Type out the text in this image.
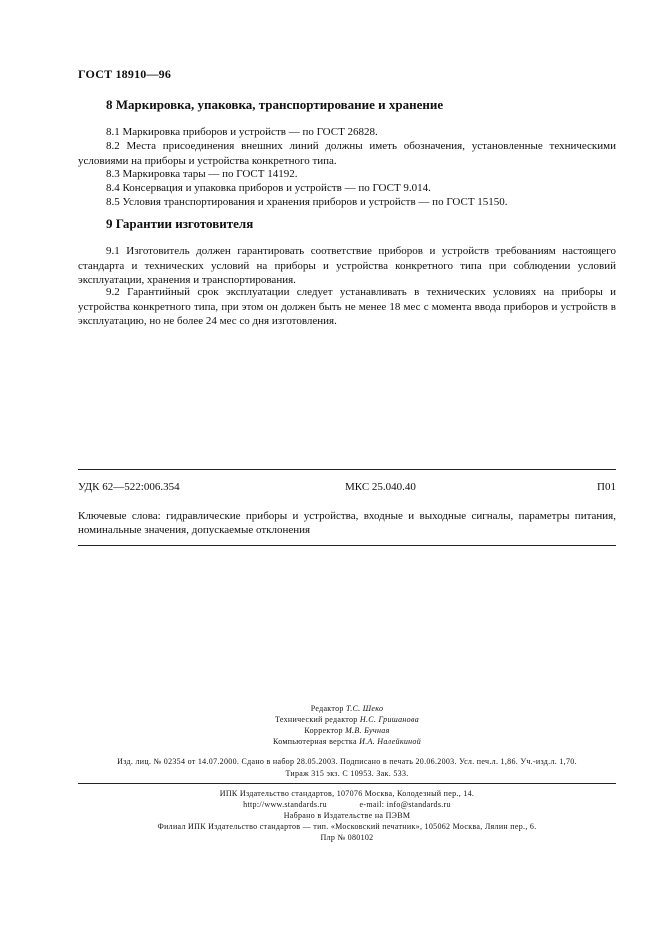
ГОСТ 18910—96
8 Маркировка, упаковка, транспортирование и хранение
8.1 Маркировка приборов и устройств — по ГОСТ 26828.
8.2 Места присоединения внешних линий должны иметь обозначения, установленные техническими условиями на приборы и устройства конкретного типа.
8.3 Маркировка тары — по ГОСТ 14192.
8.4 Консервация и упаковка приборов и устройств — по ГОСТ 9.014.
8.5 Условия транспортирования и хранения приборов и устройств — по ГОСТ 15150.
9 Гарантии изготовителя
9.1 Изготовитель должен гарантировать соответствие приборов и устройств требованиям настоящего стандарта и технических условий на приборы и устройства конкретного типа при соблюдении условий эксплуатации, хранения и транспортирования.
9.2 Гарантийный срок эксплуатации следует устанавливать в технических условиях на приборы и устройства конкретного типа, при этом он должен быть не менее 18 мес с момента ввода приборов и устройств в эксплуатацию, но не более 24 мес со дня изготовления.
УДК 62—522:006.354	МКС 25.040.40	П01
Ключевые слова: гидравлические приборы и устройства, входные и выходные сигналы, параметры питания, номинальные значения, допускаемые отклонения
Редактор Т.С. Шеко
Технический редактор Н.С. Гришанова
Корректор М.В. Бучная
Компьютерная верстка И.А. Налейкиной
Изд. лиц. № 02354 от 14.07.2000. Сдано в набор 28.05.2003. Подписано в печать 20.06.2003. Усл. печ.л. 1,86. Уч.-изд.л. 1,70.
Тираж 315 экз. С 10953. Зак. 533.
ИПК Издательство стандартов, 107076 Москва, Колодезный пер., 14.
http://www.standards.ru	e-mail: info@standards.ru
Набрано в Издательстве на ПЭВМ
Филиал ИПК Издательство стандартов — тип. «Московский печатник», 105062 Москва, Лялин пер., 6.
Плр № 080102
